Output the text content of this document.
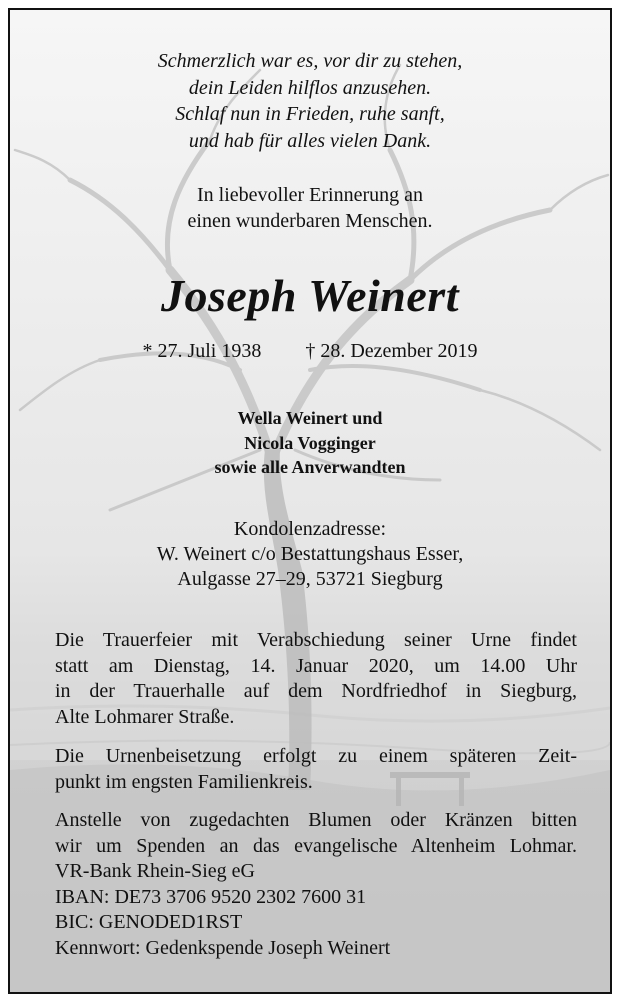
Schmerzlich war es, vor dir zu stehen,
dein Leiden hilflos anzusehen.
Schlaf nun in Frieden, ruhe sanft,
und hab für alles vielen Dank.
In liebevoller Erinnerung an
einen wunderbaren Menschen.
Joseph Weinert
* 27. Juli 1938 † 28. Dezember 2019
Wella Weinert und
Nicola Vogginger
sowie alle Anverwandten
Kondolenzadresse:
W. Weinert c/o Bestattungshaus Esser,
Aulgasse 27–29, 53721 Siegburg
Die Trauerfeier mit Verabschiedung seiner Urne findet
statt am Dienstag, 14. Januar 2020, um 14.00 Uhr
in der Trauerhalle auf dem Nordfriedhof in Siegburg,
Alte Lohmarer Straße.
Die Urnenbeisetzung erfolgt zu einem späteren Zeit-
punkt im engsten Familienkreis.
Anstelle von zugedachten Blumen oder Kränzen bitten
wir um Spenden an das evangelische Altenheim Lohmar.
VR-Bank Rhein-Sieg eG
IBAN: DE73 3706 9520 2302 7600 31
BIC: GENODED1RST
Kennwort: Gedenkspende Joseph Weinert
